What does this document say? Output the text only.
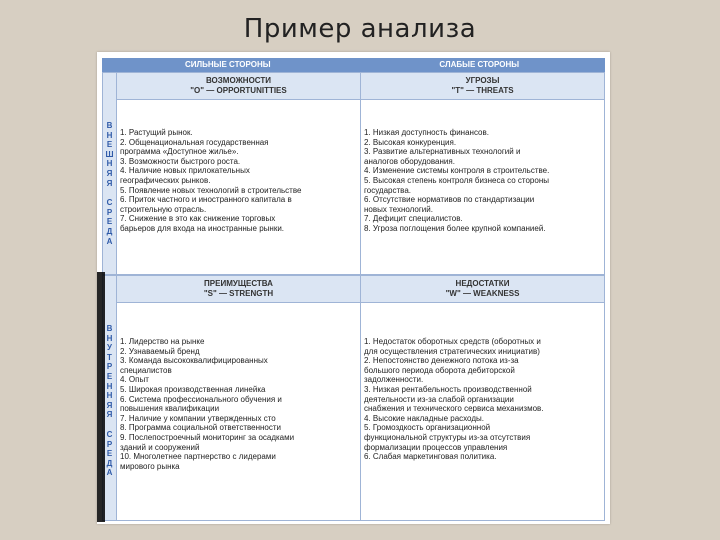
Пример анализа
СИЛЬНЫЕ СТОРОНЫ	СЛАБЫЕ СТОРОНЫ
В
Н
Е
Ш
Н
Я
Я
С
Р
Е
Д
А
ВОЗМОЖНОСТИ
"O" — OPPORTUNITTIES
1. Растущий рынок.
2. Общенациональная государственная
программа «Доступное жилье».
3. Возможности быстрого роста.
4. Наличие новых прилокательных
географических рынков.
5. Появление новых технологий в строительстве
6. Приток частного и иностранного капитала в
строительную отрасль.
7. Снижение в это как снижение торговых
барьеров для входа на иностранные рынки.
УГРОЗЫ
"T" — THREATS
1. Низкая доступность финансов.
2. Высокая конкуренция.
3. Развитие альтернативных технологий и
аналогов оборудования.
4. Изменение системы контроля в строительстве.
5. Высокая степень контроля бизнеса со стороны
государства.
6. Отсутствие нормативов по стандартизации
новых технологий.
7. Дефицит специалистов.
8. Угроза поглощения более крупной компанией.
В
Н
У
Т
Р
Е
Н
Н
Я
Я
С
Р
Е
Д
А
ПРЕИМУЩЕСТВА
"S" — STRENGTH
1. Лидерство на рынке
2. Узнаваемый бренд
3. Команда высококвалифицированных
специалистов
4. Опыт
5. Широкая производственная линейка
6. Система профессионального обучения и
повышения квалификации
7. Наличие у компании утвержденных сто
8. Программа социальной ответственности
9. Послепостроечный мониторинг за осадками
зданий и сооружений
10. Многолетнее партнерство с лидерами
мирового рынка
НЕДОСТАТКИ
"W" — WEAKNESS
1. Недостаток оборотных средств (оборотных и
для осуществления стратегических инициатив)
2. Непостоянство денежного потока из-за
большого периода оборота дебиторской
задолженности.
3. Низкая рентабельность производственной
деятельности из-за слабой организации
снабжения и технического сервиса механизмов.
4. Высокие накладные расходы.
5. Громоздкость организационной
функциональной структуры из-за отсутствия
формализации процессов управления
6. Слабая маркетинговая политика.
